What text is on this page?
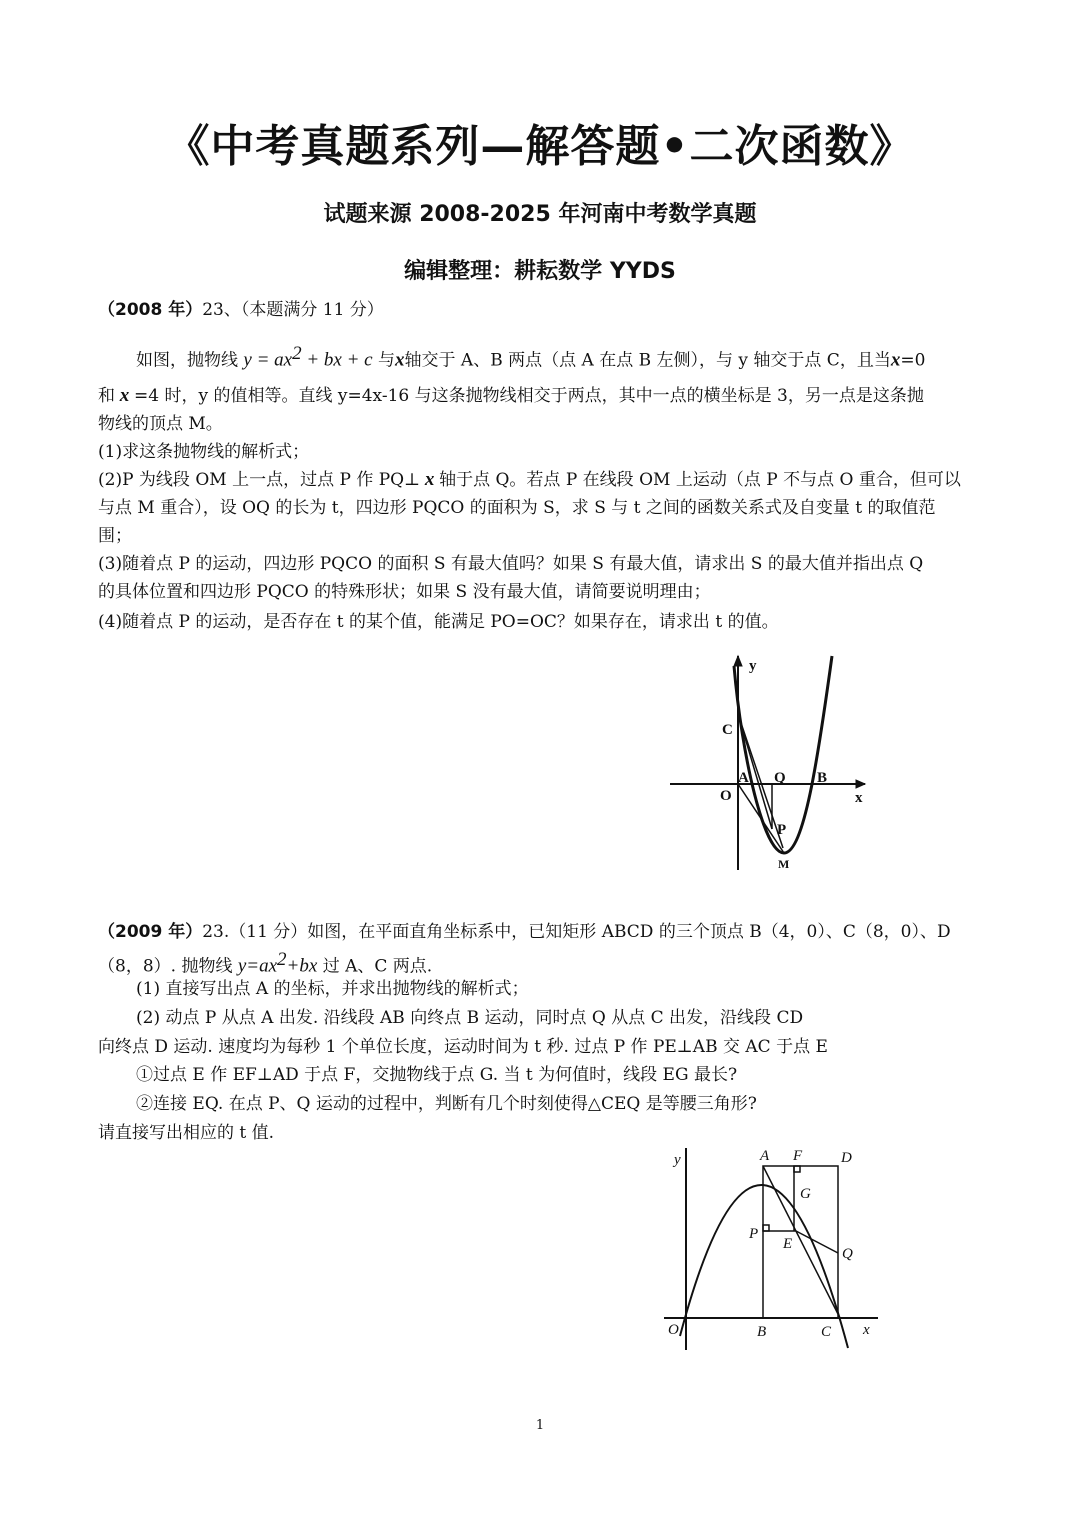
《中考真题系列—解答题•二次函数》
试题来源 2008-2025 年河南中考数学真题
编辑整理：耕耘数学 YYDS
（2008 年）23、（本题满分 11 分）
如图，抛物线 $y = ax^2$ + bx + c 与x轴交于 A、B 两点（点 A 在点 B 左侧），与 y 轴交于点 C，且当x=0
和 x =4 时，y 的值相等。直线 y=4x-16 与这条抛物线相交于两点，其中一点的横坐标是 3，另一点是这条抛
物线的顶点 M。
(1)求这条抛物线的解析式；
(2)P 为线段 OM 上一点，过点 P 作 PQ⊥ x 轴于点 Q。若点 P 在线段 OM 上运动（点 P 不与点 O 重合，但可以
与点 M 重合），设 OQ 的长为 t，四边形 PQCO 的面积为 S，求 S 与 t 之间的函数关系式及自变量 t 的取值范
围；
(3)随着点 P 的运动，四边形 PQCO 的面积 S 有最大值吗？如果 S 有最大值，请求出 S 的最大值并指出点 Q
的具体位置和四边形 PQCO 的特殊形状；如果 S 没有最大值，请简要说明理由；
(4)随着点 P 的运动，是否存在 t 的某个值，能满足 PO=OC？如果存在，请求出 t 的值。
y
x
O
C
A Q B
P
M
（2009 年）23.（11 分）如图，在平面直角坐标系中，已知矩形 ABCD 的三个顶点 B（4，0）、C（8，0）、D
（8，8）. 抛物线 $y=ax^2+bx$ 过 A、C 两点.
(1) 直接写出点 A 的坐标，并求出抛物线的解析式；
(2) 动点 P 从点 A 出发. 沿线段 AB 向终点 B 运动，同时点 Q 从点 C 出发，沿线段 CD
向终点 D 运动. 速度均为每秒 1 个单位长度，运动时间为 t 秒. 过点 P 作 PE⊥AB 交 AC 于点 E
①过点 E 作 EF⊥AD 于点 F，交抛物线于点 G. 当 t 为何值时，线段 EG 最长?
②连接 EQ. 在点 P、Q 运动的过程中，判断有几个时刻使得△CEQ 是等腰三角形?
请直接写出相应的 t 值.
y	A F	D
G
P
E
Q
O	B	C x
1
